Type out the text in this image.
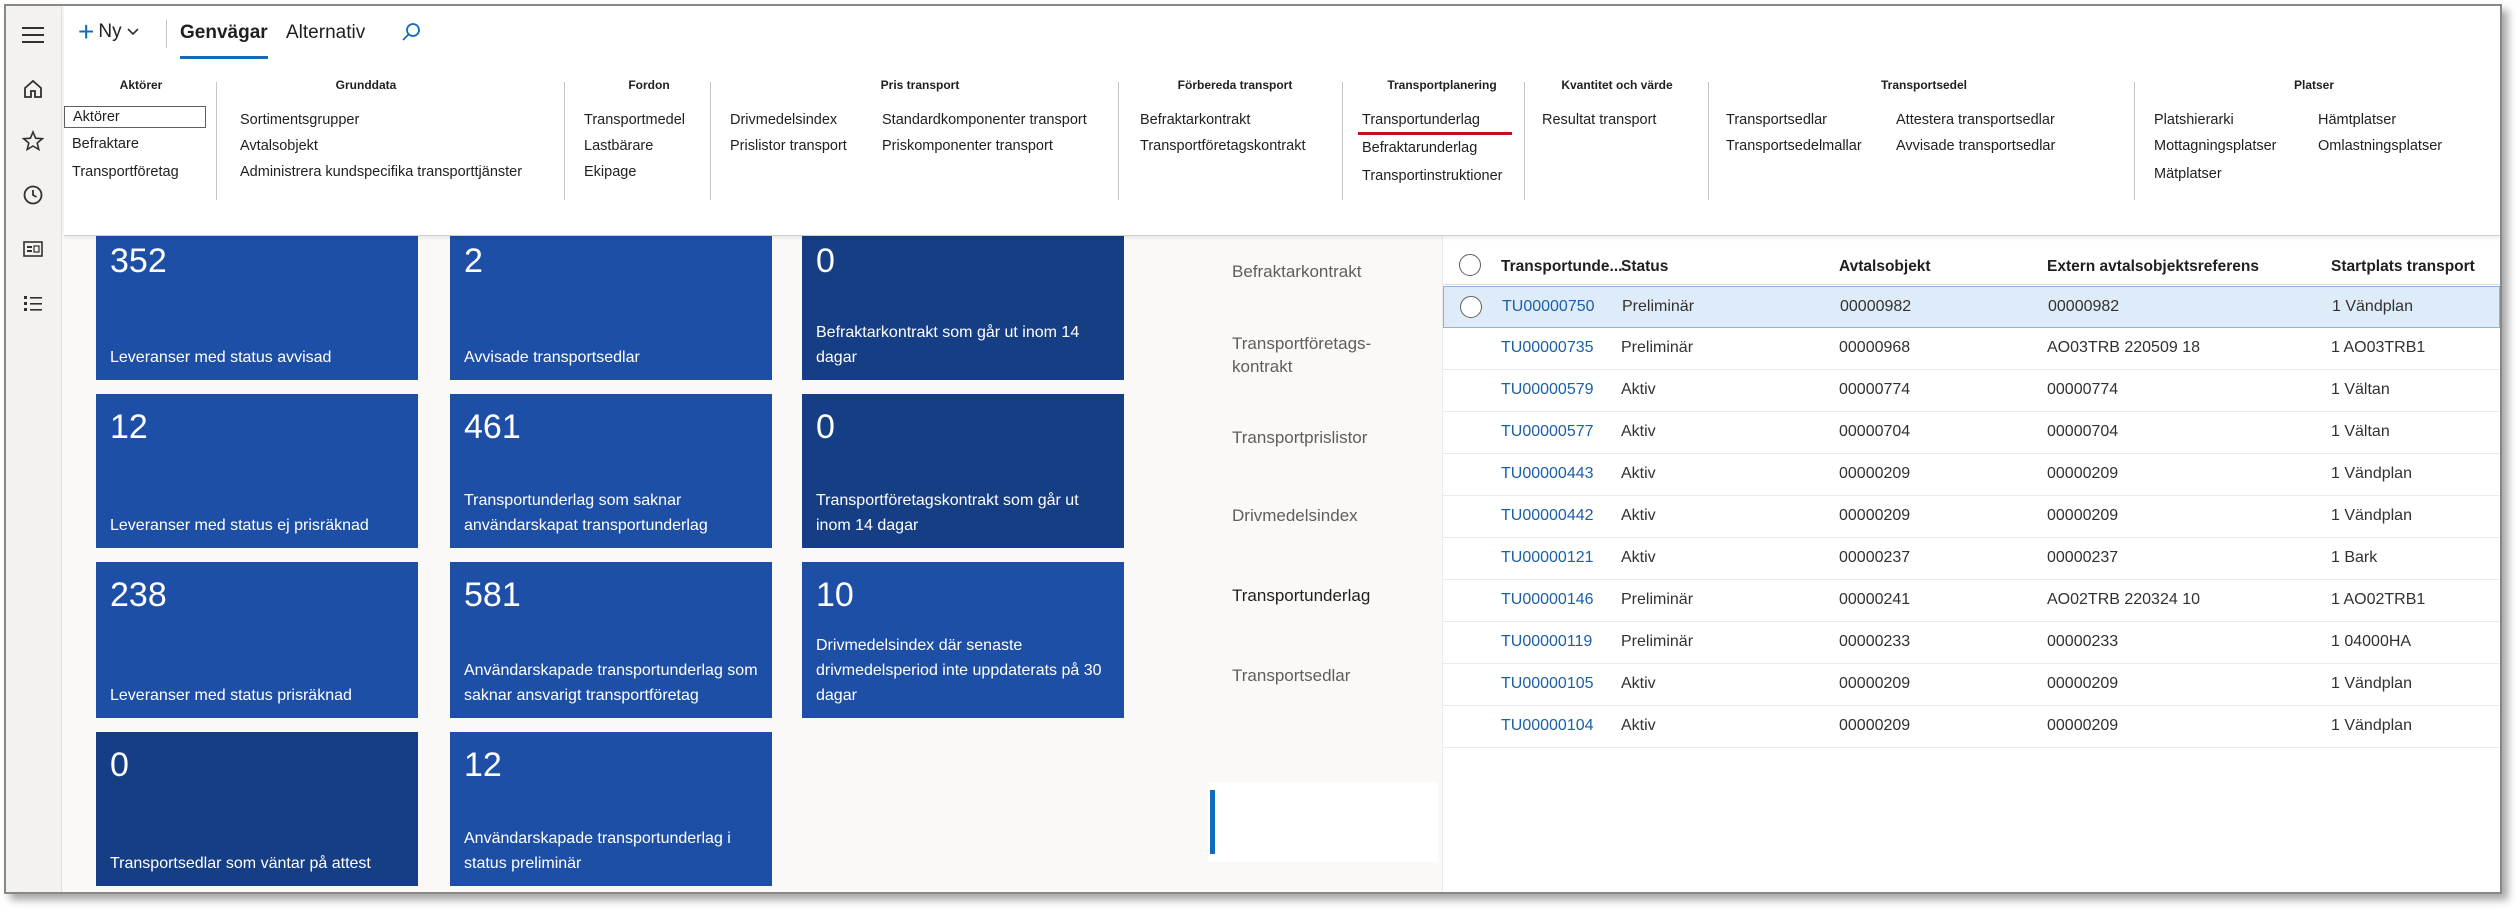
+ Ny	Genvägar Alternativ
Aktörer
Aktörer
Befraktare
Transportföretag
Grunddata
Sortimentsgrupper
Avtalsobjekt
Administrera kundspecifika transporttjänster
Fordon
Transportmedel
Lastbärare
Ekipage
Pris transport
Drivmedelsindex
Prislistor transport
Standardkomponenter transport
Priskomponenter transport
Förbereda transport
Befraktarkontrakt
Transportföretagskontrakt
Transportplanering
Transportunderlag
Befraktarunderlag
Transportinstruktioner
Kvantitet och värde
Resultat transport
Transportsedel
Transportsedlar
Transportsedelmallar
Attestera transportsedlar
Avvisade transportsedlar
Platser
Platshierarki
Mottagningsplatser
Mätplatser
Hämtplatser
Omlastningsplatser
352
Leveranser med status avvisad
12
Leveranser med status ej prisräknad
238
Leveranser med status prisräknad
0
Transportsedlar som väntar på attest
2
Avvisade transportsedlar
461
Transportunderlag som saknar användarskapat transportunderlag
581
Användarskapade transportunderlag som saknar ansvarigt transportföretag
12
Användarskapade transportunderlag i status preliminär
0
Befraktarkontrakt som går ut inom 14 dagar
0
Transportföretagskontrakt som går ut inom 14 dagar
10
Drivmedelsindex där senaste drivmedelsperiod inte uppdaterats på 30 dagar
Befraktarkontrakt
Transportföretags-kontrakt
Transportprislistor
Drivmedelsindex
Transportunderlag
Transportsedlar
Transportunde...
Status	Avtalsobjekt	Extern avtalsobjektsreferens	Startplats transport
TU00000750 Preliminär	00000982	00000982	1 Vändplan
TU00000735 Preliminär	00000968	AO03TRB 220509 18	1 AO03TRB1
TU00000579 Aktiv	00000774	00000774	1 Vältan
TU00000577 Aktiv	00000704	00000704	1 Vältan
TU00000443 Aktiv	00000209	00000209	1 Vändplan
TU00000442 Aktiv	00000209	00000209	1 Vändplan
TU00000121 Aktiv	00000237	00000237	1 Bark
TU00000146 Preliminär	00000241	AO02TRB 220324 10	1 AO02TRB1
TU00000119 Preliminär	00000233	00000233	1 04000HA
TU00000105 Aktiv	00000209	00000209	1 Vändplan
TU00000104 Aktiv	00000209	00000209	1 Vändplan
